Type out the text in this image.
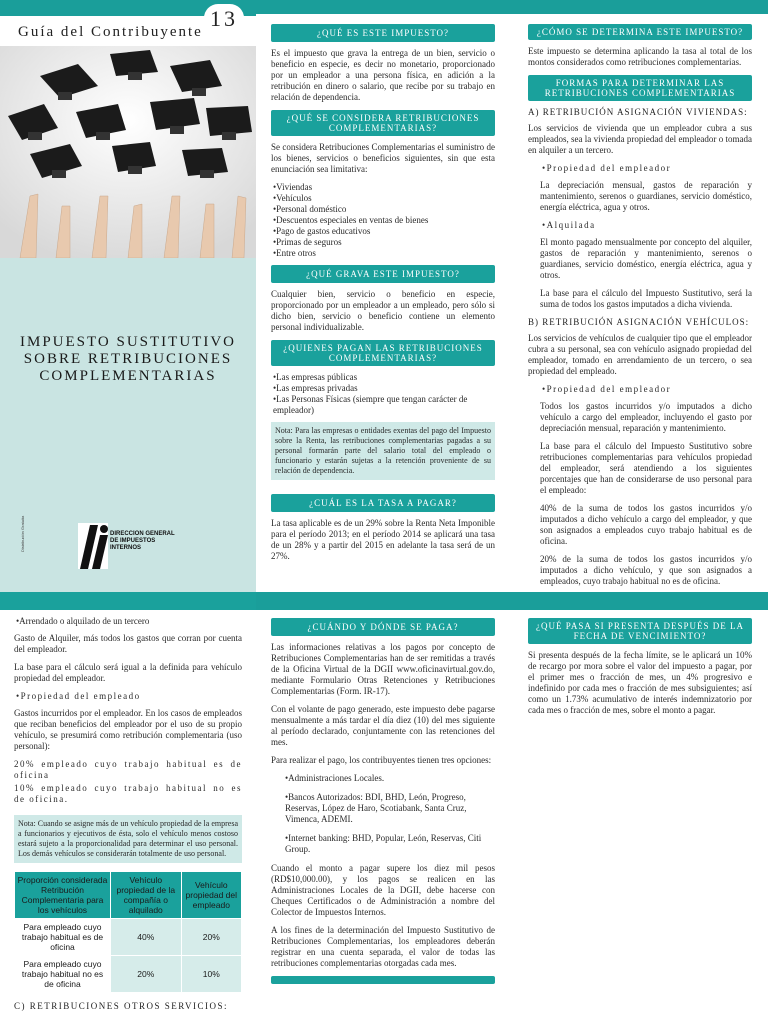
Guía del Contribuyente
13
IMPUESTO SUSTITUTIVO
SOBRE RETRIBUCIONES
COMPLEMENTARIAS
DIRECCION GENERAL
DE IMPUESTOS
INTERNOS
Distribución Gratuita
¿QUÉ ES ESTE IMPUESTO?

Es el impuesto que grava la entrega de un bien, servicio o beneficio en especie, es decir no monetario, proporcionado por un empleador a una persona física, en adición a la retribución en dinero o salario, que recibe por su trabajo en relación de dependencia.

¿QUÉ SE CONSIDERA RETRIBUCIONES COMPLEMENTARIAS?

Se considera Retribuciones Complementarias el suministro de los bienes, servicios o beneficios siguientes, sin que esta enunciación sea limitativa:

• Viviendas
• Vehículos
• Personal doméstico
• Descuentos especiales en ventas de bienes
• Pago de gastos educativos
• Primas de seguros
• Entre otros
¿QUÉ GRAVA ESTE IMPUESTO?

Cualquier bien, servicio o beneficio en especie, proporcionado por un empleador a un empleado, pero sólo si dicho bien, servicio o beneficio contiene un elemento personal individualizable.

¿QUIENES PAGAN LAS RETRIBUCIONES COMPLEMENTARIAS?
• Las empresas públicas
• Las empresas privadas
• Las Personas Físicas (siempre que tengan carácter de empleador)
Nota: Para las empresas o entidades exentas del pago del Impuesto sobre la Renta, las retribuciones complementarias pagadas a su personal formarán parte del salario total del empleado o funcionario y estarán sujetas a la retención proveniente de su relación de dependencia.
¿CUÁL ES LA TASA A PAGAR?

La tasa aplicable es de un 29% sobre la Renta Neta Imponible para el período 2013; en el período 2014 se aplicará una tasa de un 28% y a partir del 2015 en adelante la tasa será de un 27%.

¿CÓMO SE DETERMINA ESTE IMPUESTO?

Este impuesto se determina aplicando la tasa al total de los montos considerados como retribuciones complementarias.

FORMAS PARA DETERMINAR LAS RETRIBUCIONES COMPLEMENTARIAS
A) RETRIBUCIÓN ASIGNACIÓN VIVIENDAS:

Los servicios de vivienda que un empleador cubra a sus empleados, sea la vivienda propiedad del empleador o tomada en alquiler a un tercero.

• Propiedad del empleador

La depreciación mensual, gastos de reparación y mantenimiento, serenos o guardianes, servicio doméstico, energía eléctrica, agua y otros.

• Alquilada

El monto pagado mensualmente por concepto del alquiler, gastos de reparación y mantenimiento, serenos o guardianes, servicio doméstico, energía eléctrica, agua y otros.

La base para el cálculo del Impuesto Sustitutivo, será la suma de todos los gastos imputados a dicha vivienda.

B) RETRIBUCIÓN ASIGNACIÓN VEHÍCULOS:

Los servicios de vehículos de cualquier tipo que el empleador cubra a su personal, sea con vehículo asignado propiedad del empleador, tomado en arrendamiento de un tercero, o sea propiedad del empleado.

• Propiedad del empleador

Todos los gastos incurridos y/o imputados a dicho vehículo a cargo del empleador, incluyendo el gasto por depreciación mensual, reparación y mantenimiento.

La base para el cálculo del Impuesto Sustitutivo sobre retribuciones complementarias para vehículos propiedad del empleador, será atendiendo a los siguientes porcentajes que han de considerarse de uso personal para el empleado:

40% de la suma de todos los gastos incurridos y/o imputados a dicho vehículo a cargo del empleador, y que son asignados a empleados cuyo trabajo habitual es de oficina.

20% de la suma de todos los gastos incurridos y/o imputados a dicho vehículo, y que son asignados a empleados, cuyo trabajo habitual no es de oficina.

• Arrendado o alquilado de un tercero

Gasto de Alquiler, más todos los gastos que corran por cuenta del empleador.

La base para el cálculo será igual a la definida para vehículo propiedad del empleador.

• Propiedad del empleado

Gastos incurridos por el empleador. En los casos de empleados que reciban beneficios del empleador por el uso de su propio vehículo, se presumirá como retribución complementaria (uso personal):

20% empleado cuyo trabajo habitual es de oficina

10% empleado cuyo trabajo habitual no es de oficina.

Nota: Cuando se asigne más de un vehículo propiedad de la empresa a funcionarios y ejecutivos de ésta, solo el vehículo menos costoso estará sujeto a la proporcionalidad para determinar el uso personal. Los demás vehículos se considerarán totalmente de uso personal.
Proporción considerada Retribución Complementaria para los vehículos	Vehículo propiedad de la compañía o alquilado	Vehículo propiedad del empleado
Para empleado cuyo trabajo habitual es de oficina	40%	20%
Para empleado cuyo trabajo habitual no es de oficina	20%	10%
C) RETRIBUCIONES OTROS SERVICIOS:
¿CUÁNDO Y DÓNDE SE PAGA?

Las informaciones relativas a los pagos por concepto de Retribuciones Complementarias han de ser remitidas a través de la Oficina Virtual de la DGII www.oficinavirtual.gov.do, mediante Formulario Otras Retenciones y Retribuciones Complementarias (Form. IR-17).

Con el volante de pago generado, este impuesto debe pagarse mensualmente a más tardar el día diez (10) del mes siguiente al período declarado, conjuntamente con las retenciones del mes.

Para realizar el pago, los contribuyentes tienen tres opciones:

• Administraciones Locales.
• Bancos Autorizados: BDI, BHD, León, Progreso, Reservas, López de Haro, Scotiabank, Santa Cruz, Vimenca, ADEMI.
• Internet banking: BHD, Popular, León, Reservas, Citi Group.

Cuando el monto a pagar supere los diez mil pesos (RD$10,000.00), y los pagos se realicen en las Administraciones Locales de la DGII, debe hacerse con Cheques Certificados o de Administración a nombre del Colector de Impuestos Internos.

A los fines de la determinación del Impuesto Sustitutivo de Retribuciones Complementarias, los empleadores deberán registrar en una cuenta separada, el valor de todas las retribuciones complementarias otorgadas cada mes.

¿QUÉ PASA SI PRESENTA DESPUÉS DE LA FECHA DE VENCIMIENTO?

Si presenta después de la fecha límite, se le aplicará un 10% de recargo por mora sobre el valor del impuesto a pagar, por el primer mes o fracción de mes, un 4% progresivo e indefinido por cada mes o fracción de mes subsiguientes; así como un 1.73% acumulativo de interés indemnizatorio por cada mes o fracción de mes, sobre el monto a pagar.
